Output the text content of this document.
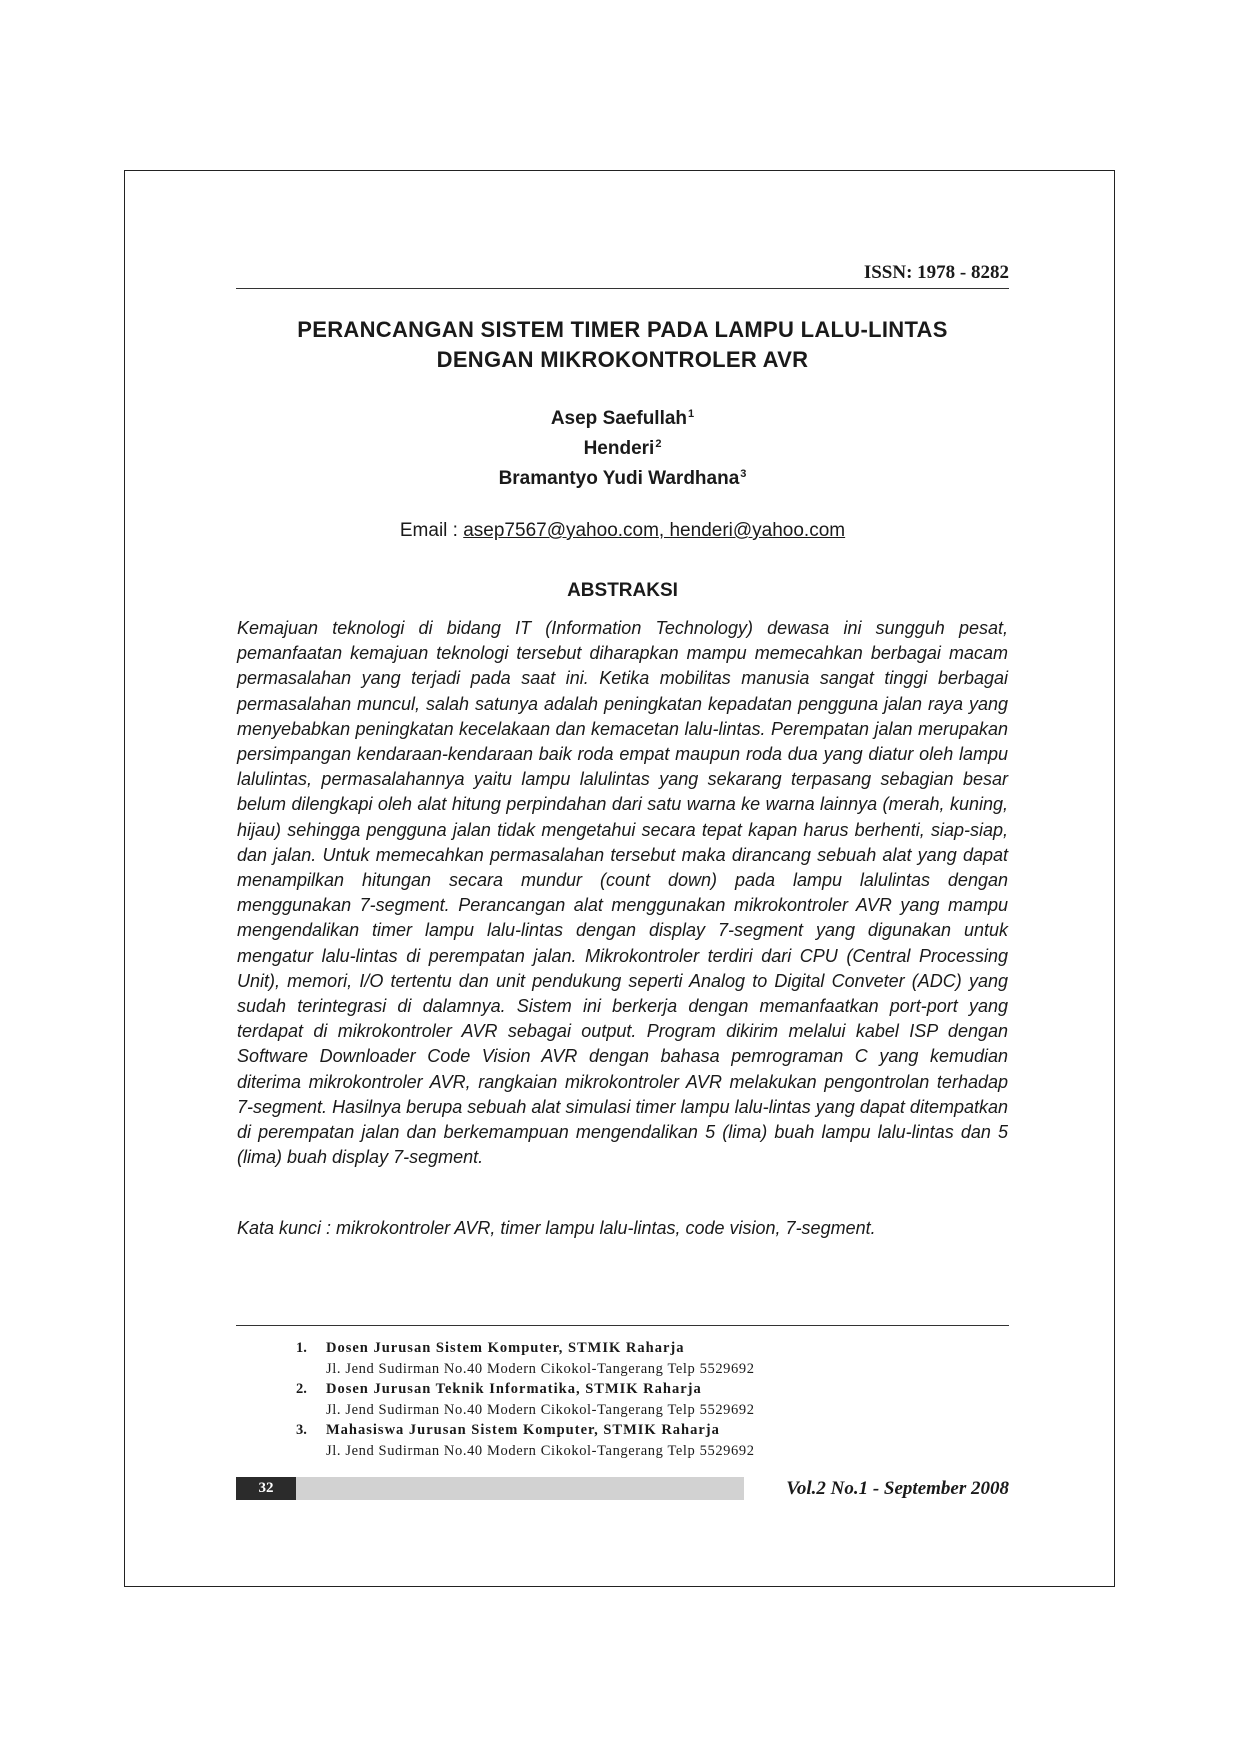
ISSN: 1978 - 8282
PERANCANGAN SISTEM TIMER PADA LAMPU LALU-LINTAS
DENGAN MIKROKONTROLER AVR
Asep Saefullah$^1$
Henderi$^2$
Bramantyo Yudi Wardhana$^3$
Email : asep7567@yahoo.com, henderi@yahoo.com
ABSTRAKSI

Kemajuan teknologi di bidang IT (Information Technology) dewasa ini sungguh pesat, pemanfaatan kemajuan teknologi tersebut diharapkan mampu memecahkan berbagai macam permasalahan yang terjadi pada saat ini. Ketika mobilitas manusia sangat tinggi berbagai permasalahan muncul, salah satunya adalah peningkatan kepadatan pengguna jalan raya yang menyebabkan peningkatan kecelakaan dan kemacetan lalu-lintas. Perempatan jalan merupakan persimpangan kendaraan-kendaraan baik roda empat maupun roda dua yang diatur oleh lampu lalulintas, permasalahannya yaitu lampu lalulintas yang sekarang terpasang sebagian besar belum dilengkapi oleh alat hitung perpindahan dari satu warna ke warna lainnya (merah, kuning, hijau) sehingga pengguna jalan tidak mengetahui secara tepat kapan harus berhenti, siap-siap, dan jalan. Untuk memecahkan permasalahan tersebut maka dirancang sebuah alat yang dapat menampilkan hitungan secara mundur (count down) pada lampu lalulintas dengan menggunakan 7-segment. Perancangan alat menggunakan mikrokontroler AVR yang mampu mengendalikan timer lampu lalu-lintas dengan display 7-segment yang digunakan untuk mengatur lalu-lintas di perempatan jalan. Mikrokontroler terdiri dari CPU (Central Processing Unit), memori, I/O tertentu dan unit pendukung seperti Analog to Digital Conveter (ADC) yang sudah terintegrasi di dalamnya. Sistem ini berkerja dengan memanfaatkan port-port yang terdapat di mikrokontroler AVR sebagai output. Program dikirim melalui kabel ISP dengan Software Downloader Code Vision AVR dengan bahasa pemrograman C yang kemudian diterima mikrokontroler AVR, rangkaian mikrokontroler AVR melakukan pengontrolan terhadap 7-segment. Hasilnya berupa sebuah alat simulasi timer lampu lalu-lintas yang dapat ditempatkan di perempatan jalan dan berkemampuan mengendalikan 5 (lima) buah lampu lalu-lintas dan 5 (lima) buah display 7-segment.

Kata kunci : mikrokontroler AVR, timer lampu lalu-lintas, code vision, 7-segment.

1.	Dosen Jurusan Sistem Komputer, STMIK Raharja
Jl. Jend Sudirman No.40 Modern Cikokol-Tangerang Telp 5529692
2.	Dosen Jurusan Teknik Informatika, STMIK Raharja
Jl. Jend Sudirman No.40 Modern Cikokol-Tangerang Telp 5529692
3.	Mahasiswa Jurusan Sistem Komputer, STMIK Raharja
Jl. Jend Sudirman No.40 Modern Cikokol-Tangerang Telp 5529692
32	Vol.2 No.1 - September 2008
